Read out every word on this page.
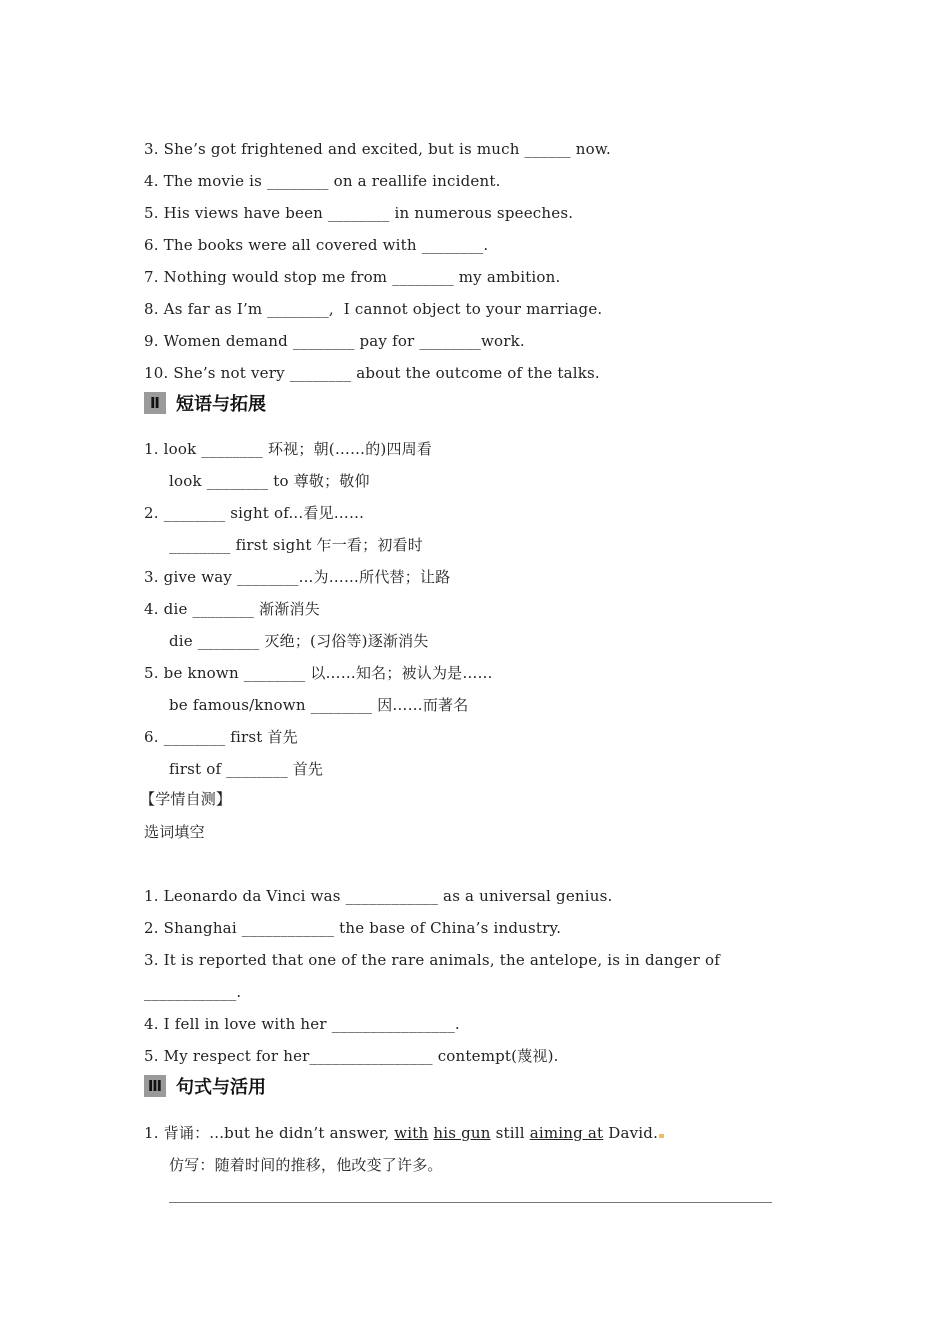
3. She’s got frightened and excited, but is much ______ now.
4. The movie is ________ on a reallife incident.
5. His views have been ________ in numerous speeches.
6. The books were all covered with ________.
7. Nothing would stop me from ________ my ambition.
8. As far as I’m ________,  I cannot object to your marriage.
9. Women demand ________ pay for ________work.
10. She’s not very ________ about the outcome of the talks.
Ⅱ 短语与拓展
1. look ________ 环视；朝(……的)四周看
look ________ to 尊敬；敬仰
2. ________ sight of...看见……
________ first sight 乍一看；初看时
3. give way ________...为……所代替；让路
4. die ________ 渐渐消失
die ________ 灭绝；(习俗等)逐渐消失
5. be known ________ 以……知名；被认为是……
be famous/known ________ 因……而著名
6. ________ first 首先
first of ________ 首先
【学情自测】
选词填空
1. Leonardo da Vinci was ____________ as a universal genius.
2. Shanghai ____________ the base of China’s industry.
3. It is reported that one of the rare animals, the antelope, is in danger of
____________.
4. I fell in love with her ________________.
5. My respect for her________________ contempt(蔑视).
Ⅲ 句式与活用
1. 背诵：...but he didn’t answer, with his gun still aiming at David.
仿写：随着时间的推移，他改变了许多。
